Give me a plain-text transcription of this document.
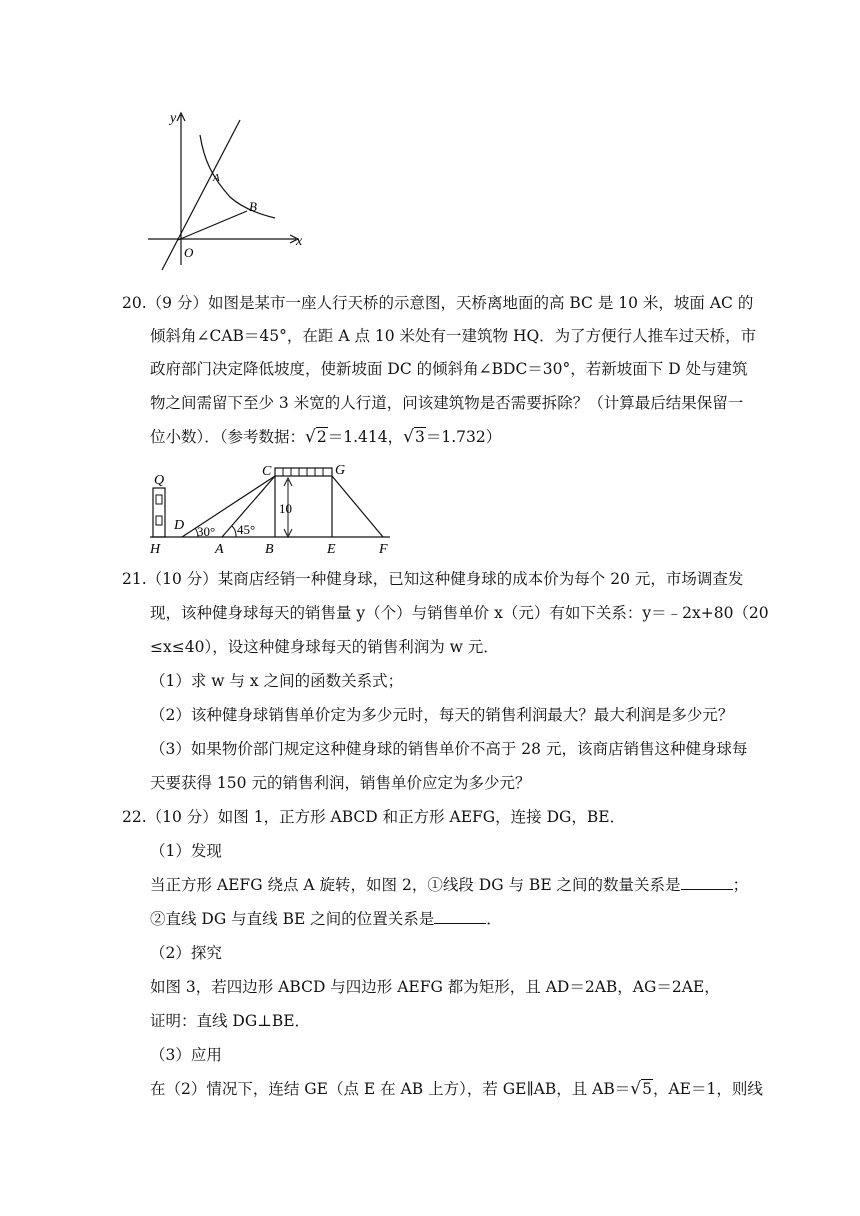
y
x
O
A
B
20.（9 分）如图是某市一座人行天桥的示意图，天桥离地面的高 BC 是 10 米，坡面 AC 的
倾斜角∠CAB＝45°，在距 A 点 10 米处有一建筑物 HQ．为了方便行人推车过天桥，市
政府部门决定降低坡度，使新坡面 DC 的倾斜角∠BDC＝30°，若新坡面下 D 处与建筑
物之间需留下至少 3 米宽的人行道，问该建筑物是否需要拆除？（计算最后结果保留一
位小数）．（参考数据：√2＝1.414，√3＝1.732）
Q
C	G
D
H	A	B	E	F
30° 45°
10
21.（10 分）某商店经销一种健身球，已知这种健身球的成本价为每个 20 元，市场调查发
现，该种健身球每天的销售量 y（个）与销售单价 x（元）有如下关系：y＝﹣2x+80（20
≤x≤40），设这种健身球每天的销售利润为 w 元．
（1）求 w 与 x 之间的函数关系式；
（2）该种健身球销售单价定为多少元时，每天的销售利润最大？最大利润是多少元？
（3）如果物价部门规定这种健身球的销售单价不高于 28 元，该商店销售这种健身球每
天要获得 150 元的销售利润，销售单价应定为多少元？
22.（10 分）如图 1，正方形 ABCD 和正方形 AEFG，连接 DG，BE．
（1）发现
当正方形 AEFG 绕点 A 旋转，如图 2，①线段 DG 与 BE 之间的数量关系是	；
②直线 DG 与直线 BE 之间的位置关系是	．
（2）探究
如图 3，若四边形 ABCD 与四边形 AEFG 都为矩形，且 AD＝2AB，AG＝2AE，
证明：直线 DG⊥BE．
（3）应用
在（2）情况下，连结 GE（点 E 在 AB 上方），若 GE∥AB，且 AB＝√5，AE＝1，则线
